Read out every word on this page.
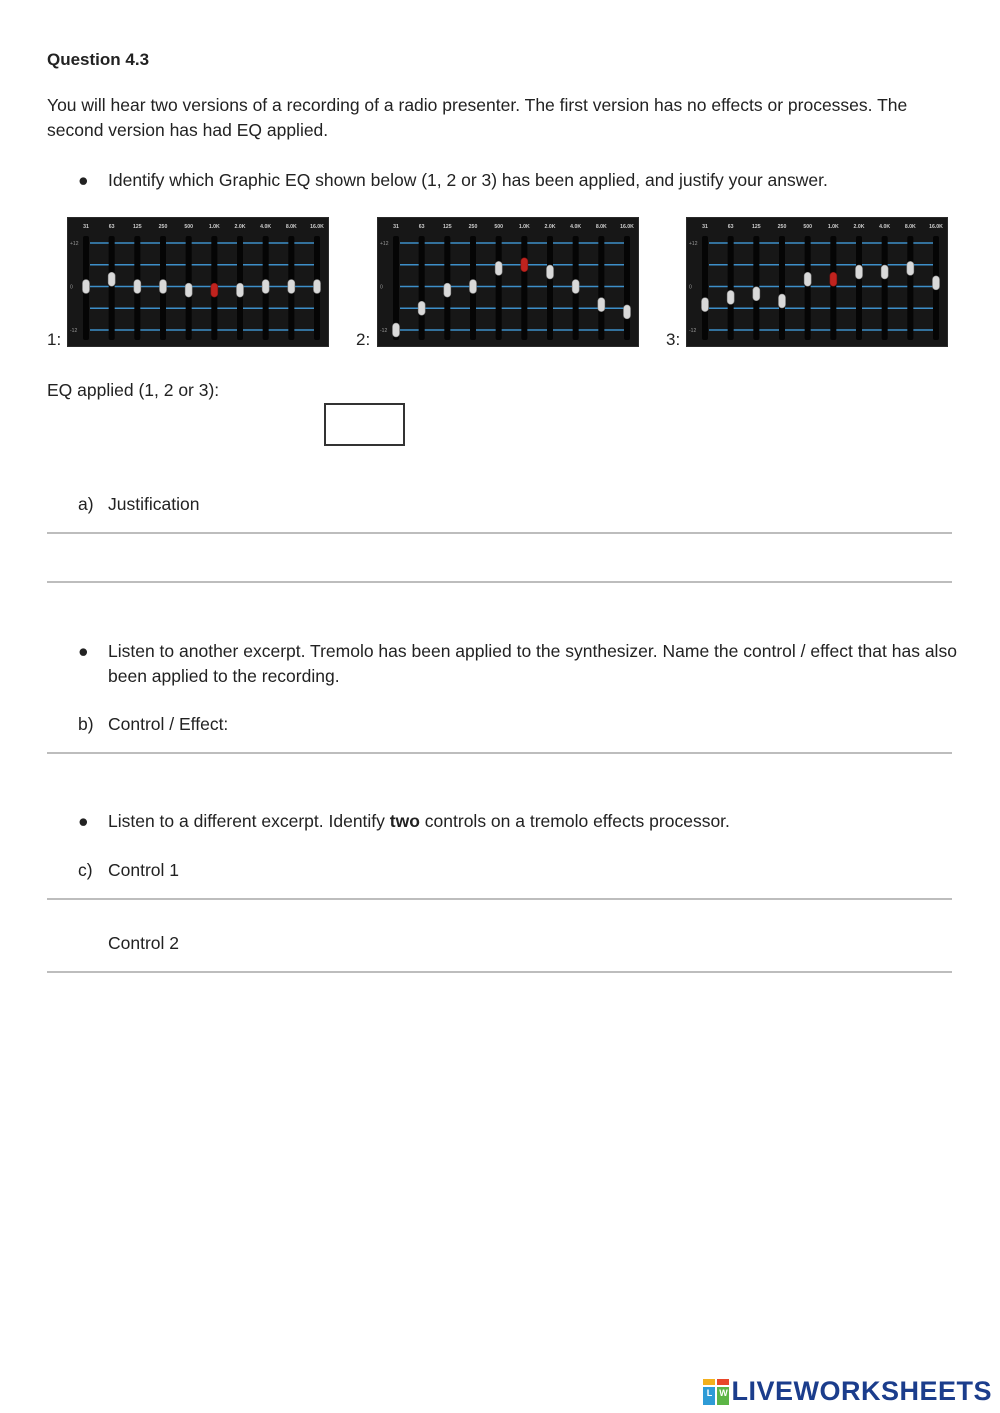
Question 4.3
You will hear two versions of a recording of a radio presenter. The first version has no effects or processes. The second version has had EQ applied.
●	Identify which Graphic EQ shown below (1, 2 or 3) has been applied, and justify your answer.
1:
+12
0
-12
31	63	125	250	500	1.0K	2.0K	4.0K	8.0K	16.0K
2:
+12
0
-12
31	63	125	250	500	1.0K	2.0K	4.0K	8.0K	16.0K
3:
+12
0
-12
31	63	125	250	500	1.0K	2.0K	4.0K	8.0K	16.0K
EQ applied (1, 2 or 3):
a) Justification
●	Listen to another excerpt. Tremolo has been applied to the synthesizer. Name the control / effect that has also been applied to the recording.
b) Control / Effect:
●	Listen to a different excerpt. Identify two controls on a tremolo effects processor.
c) Control 1
Control 2
L W LIVEWORKSHEETS
